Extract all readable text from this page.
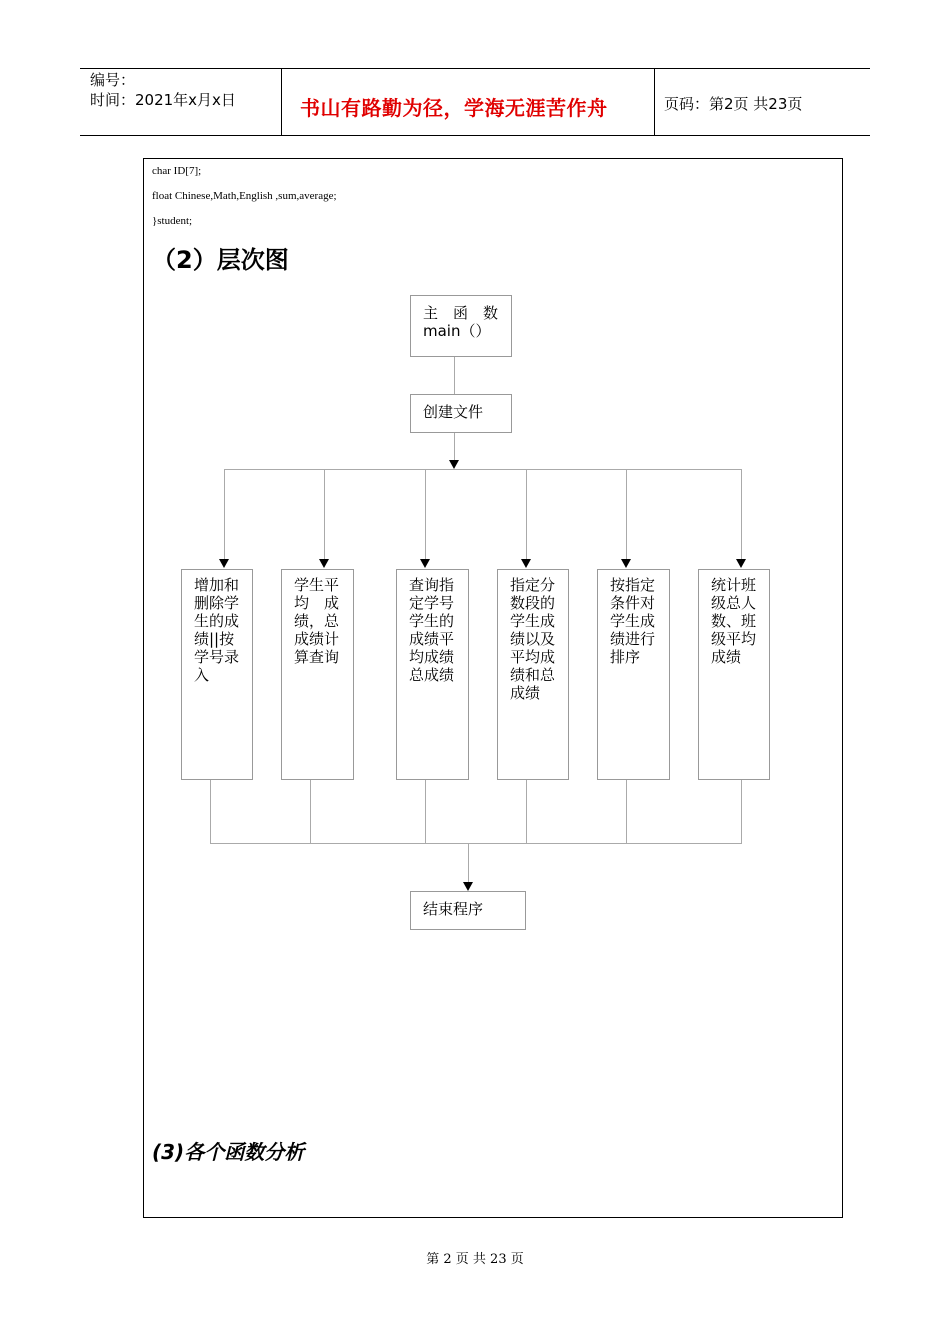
编号：
时间：2021年x月x日	书山有路勤为径，学海无涯苦作舟	页码：第2页 共23页
char ID[7];
float Chinese,Math,English ,sum,average;
}student;
（2）层次图
主　函　数
main（）
创建文件
增加和删除学生的成绩||按学号录入
学生平均　成绩，总成绩计算查询
查询指定学号学生的成绩平均成绩总成绩
指定分数段的学生成绩以及平均成绩和总成绩
按指定条件对学生成绩进行排序
统计班级总人数、班级平均成绩
结束程序
(3)各个函数分析
第 2 页 共 23 页
